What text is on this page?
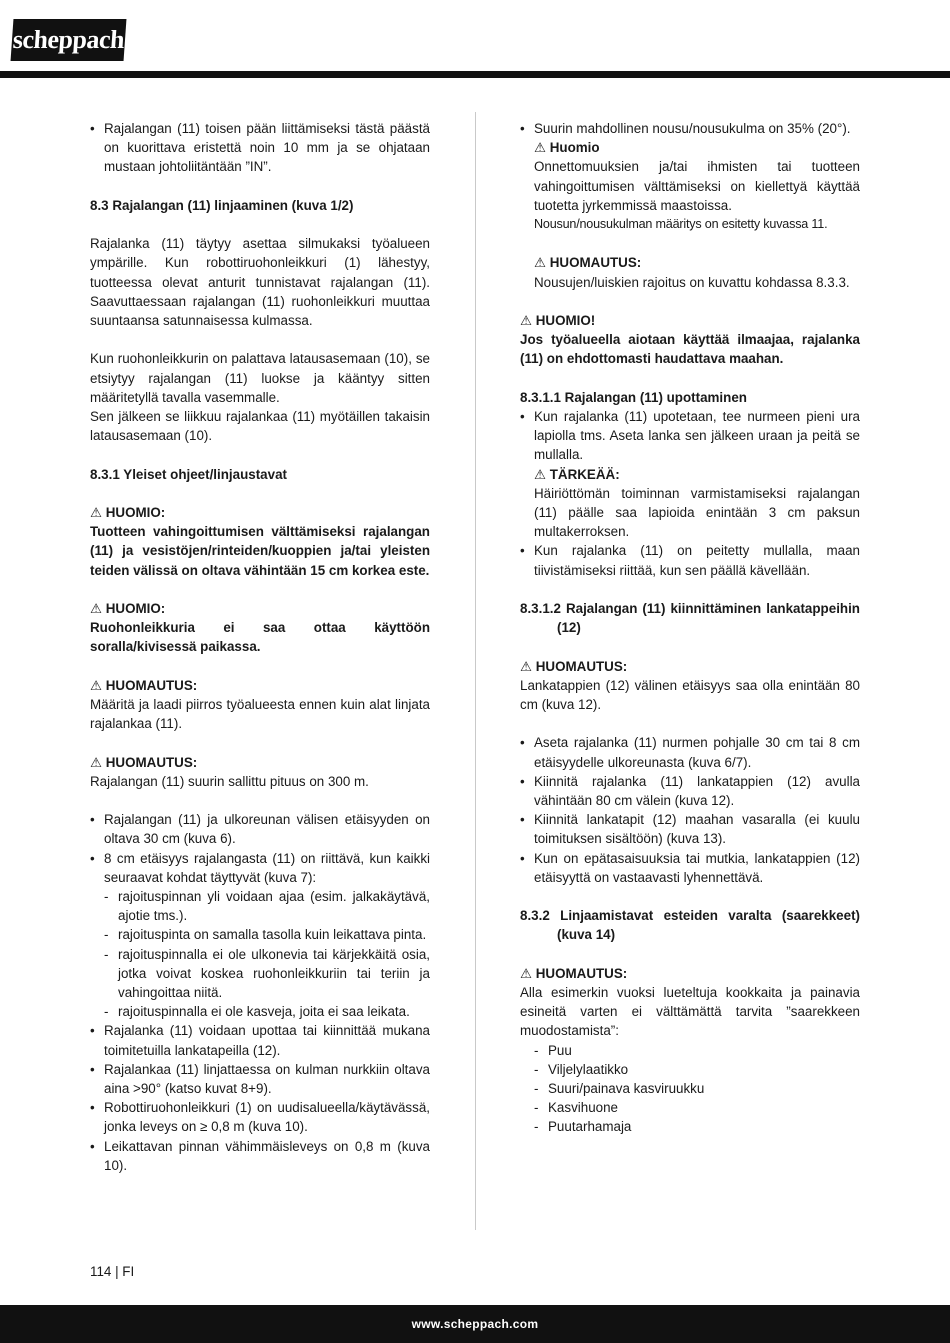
scheppach
• Rajalangan (11) toisen pään liittämiseksi tästä päästä on kuorittava eristettä noin 10 mm ja se ohjataan mustaan johtoliitäntään ”IN”.

8.3 Rajalangan (11) linjaaminen (kuva 1/2)

Rajalanka (11) täytyy asettaa silmukaksi työalueen ympärille. Kun robottiruohonleikkuri (1) lähestyy, tuotteessa olevat anturit tunnistavat rajalangan (11). Saavuttaessaan rajalangan (11) ruohonleikkuri muuttaa suuntaansa satunnaisessa kulmassa.

Kun ruohonleikkurin on palattava latausasemaan (10), se etsiytyy rajalangan (11) luokse ja kääntyy sitten määritetyllä tavalla vasemmalle.

Sen jälkeen se liikkuu rajalankaa (11) myötäillen takaisin latausasemaan (10).

8.3.1 Yleiset ohjeet/linjaustavat

⚠ HUOMIO:

Tuotteen vahingoittumisen välttämiseksi rajalangan (11) ja vesistöjen/rinteiden/kuoppien ja/tai yleisten teiden välissä on oltava vähintään 15 cm korkea este.

⚠ HUOMIO:

Ruohonleikkuria ei saa ottaa käyttöön soralla/kivisessä paikassa.

⚠ HUOMAUTUS:

Määritä ja laadi piirros työalueesta ennen kuin alat linjata rajalankaa (11).

⚠ HUOMAUTUS:

Rajalangan (11) suurin sallittu pituus on 300 m.

• Rajalangan (11) ja ulkoreunan välisen etäisyyden on oltava 30 cm (kuva 6).
• 8 cm etäisyys rajalangasta (11) on riittävä, kun kaikki seuraavat kohdat täyttyvät (kuva 7):
- rajoituspinnan yli voidaan ajaa (esim. jalkakäytävä, ajotie tms.).
- rajoituspinta on samalla tasolla kuin leikattava pinta.
- rajoituspinnalla ei ole ulkonevia tai kärjekkäitä osia, jotka voivat koskea ruohonleikkuriin tai teriin ja vahingoittaa niitä.
- rajoituspinnalla ei ole kasveja, joita ei saa leikata.
• Rajalanka (11) voidaan upottaa tai kiinnittää mukana toimitetuilla lankatapeilla (12).
• Rajalankaa (11) linjattaessa on kulman nurkkiin oltava aina >90° (katso kuvat 8+9).
• Robottiruohonleikkuri (1) on uudisalueella/käytävässä, jonka leveys on ≥ 0,8 m (kuva 10).
• Leikattavan pinnan vähimmäisleveys on 0,8 m (kuva 10).
• Suurin mahdollinen nousu/nousukulma on 35% (20°).

⚠ Huomio

Onnettomuuksien ja/tai ihmisten tai tuotteen vahingoittumisen välttämiseksi on kiellettyä käyttää tuotetta jyrkemmissä maastoissa.

Nousun/nousukulman määritys on esitetty kuvassa 11.

⚠ HUOMAUTUS:

Nousujen/luiskien rajoitus on kuvattu kohdassa 8.3.3.

⚠ HUOMIO!

Jos työalueella aiotaan käyttää ilmaajaa, rajalanka (11) on ehdottomasti haudattava maahan.

8.3.1.1 Rajalangan (11) upottaminen

• Kun rajalanka (11) upotetaan, tee nurmeen pieni ura lapiolla tms. Aseta lanka sen jälkeen uraan ja peitä se mullalla.

⚠ TÄRKEÄÄ:

Häiriöttömän toiminnan varmistamiseksi rajalangan (11) päälle saa lapioida enintään 3 cm paksun multakerroksen.

• Kun rajalanka (11) on peitetty mullalla, maan tiivistämiseksi riittää, kun sen päällä kävellään.

8.3.1.2 Rajalangan (11) kiinnittäminen lankatappeihin (12)

⚠ HUOMAUTUS:

Lankatappien (12) välinen etäisyys saa olla enintään 80 cm (kuva 12).

• Aseta rajalanka (11) nurmen pohjalle 30 cm tai 8 cm etäisyydelle ulkoreunasta (kuva 6/7).
• Kiinnitä rajalanka (11) lankatappien (12) avulla vähintään 80 cm välein (kuva 12).
• Kiinnitä lankatapit (12) maahan vasaralla (ei kuulu toimituksen sisältöön) (kuva 13).
• Kun on epätasaisuuksia tai mutkia, lankatappien (12) etäisyyttä on vastaavasti lyhennettävä.

8.3.2 Linjaamistavat esteiden varalta (saarekkeet) (kuva 14)

⚠ HUOMAUTUS:

Alla esimerkin vuoksi lueteltuja kookkaita ja painavia esineitä varten ei välttämättä tarvita ”saarekkeen muodostamista”:

- Puu
- Viljelylaatikko
- Suuri/painava kasviruukku
- Kasvihuone
- Puutarhamaja
114 | FI
www.scheppach.com
